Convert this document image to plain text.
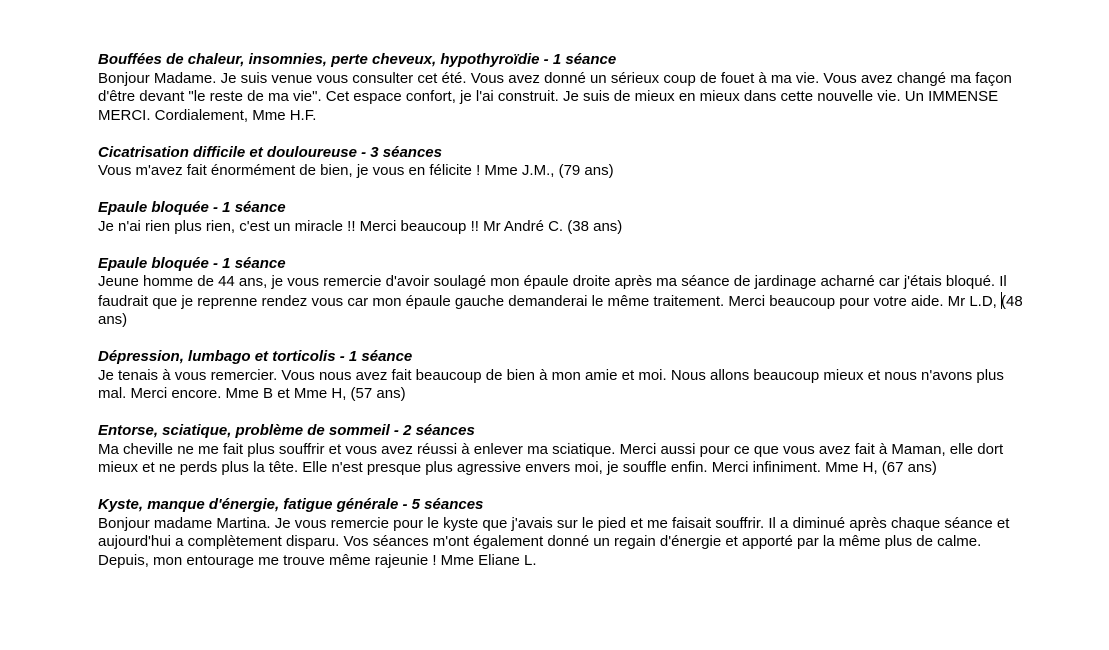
Bouffées de chaleur, insomnies, perte cheveux, hypothyroïdie - 1 séance

Bonjour Madame. Je suis venue vous consulter cet été. Vous avez donné un sérieux coup de fouet à ma vie. Vous avez changé ma façon d'être devant "le reste de ma vie". Cet espace confort, je l'ai construit. Je suis de mieux en mieux dans cette nouvelle vie. Un IMMENSE MERCI. Cordialement, Mme H.F.

Cicatrisation difficile et douloureuse - 3 séances

Vous m'avez fait énormément de bien, je vous en félicite ! Mme J.M., (79 ans)

Epaule bloquée - 1 séance

Je n'ai rien plus rien, c'est un miracle !! Merci beaucoup !! Mr André C. (38 ans)

Epaule bloquée - 1 séance

Jeune homme de 44 ans, je vous remercie d'avoir soulagé mon épaule droite après ma séance de jardinage acharné car j'étais bloqué. Il faudrait que je reprenne rendez vous car mon épaule gauche demanderai le même traitement. Merci beaucoup pour votre aide. Mr L.D, (48 ans)

Dépression, lumbago et torticolis - 1 séance

Je tenais à vous remercier. Vous nous avez fait beaucoup de bien à mon amie et moi. Nous allons beaucoup mieux et nous n'avons plus mal. Merci encore. Mme B et Mme H, (57 ans)

Entorse, sciatique, problème de sommeil - 2 séances

Ma cheville ne me fait plus souffrir et vous avez réussi à enlever ma sciatique. Merci aussi pour ce que vous avez fait à Maman, elle dort mieux et ne perds plus la tête. Elle n'est presque plus agressive envers moi, je souffle enfin. Merci infiniment. Mme H, (67 ans)

Kyste, manque d'énergie, fatigue générale - 5 séances

Bonjour madame Martina. Je vous remercie pour le kyste que j'avais sur le pied et me faisait souffrir. Il a diminué après chaque séance et aujourd'hui a complètement disparu. Vos séances m'ont également donné un regain d'énergie et apporté par la même plus de calme. Depuis, mon entourage me trouve même rajeunie ! Mme Eliane L.
